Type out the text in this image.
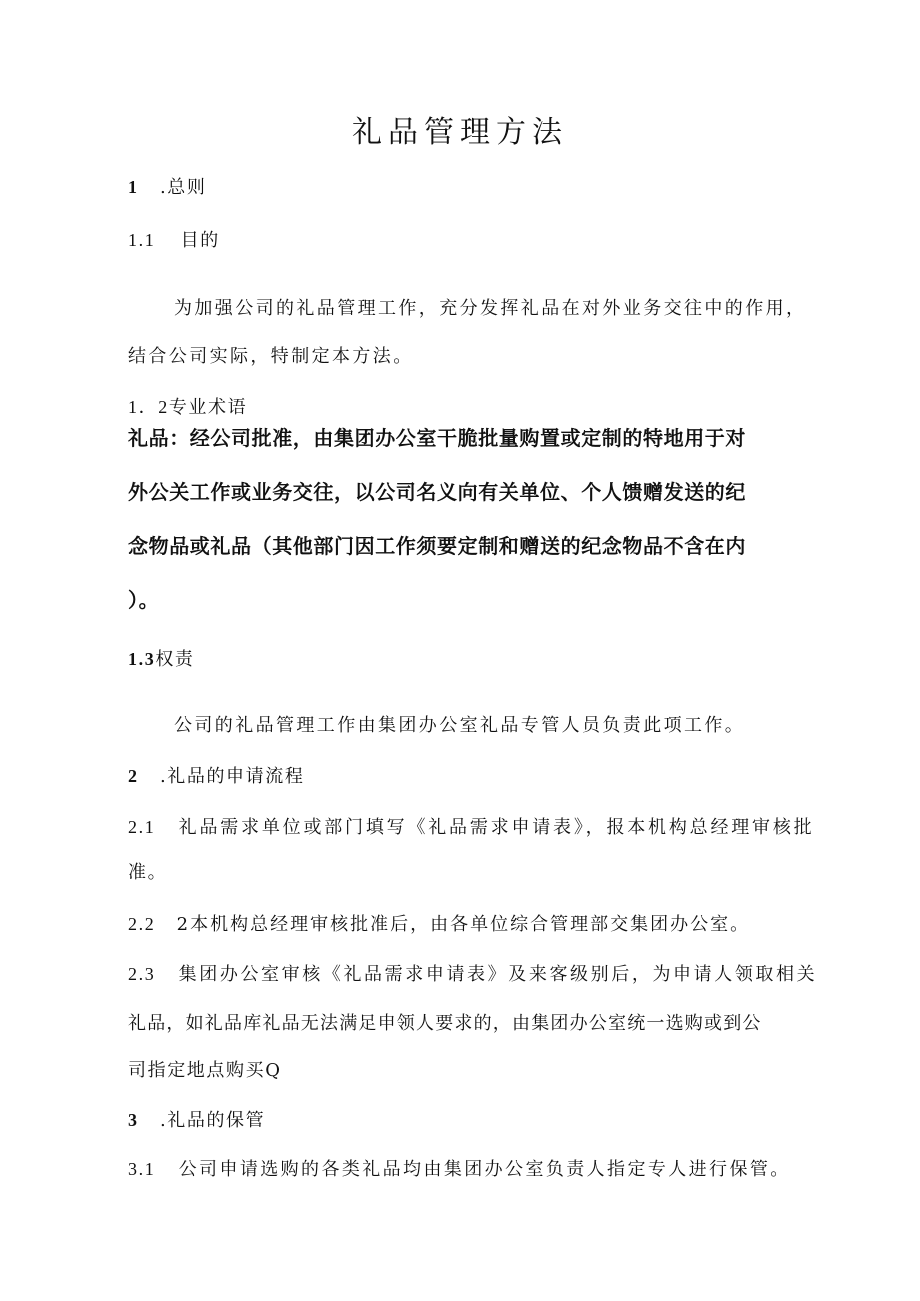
礼品管理方法
1 .总则
1.1 目的
为加强公司的礼品管理工作，充分发挥礼品在对外业务交往中的作用，
结合公司实际，特制定本方法。
1．2专业术语
礼品：经公司批准，由集团办公室干脆批量购置或定制的特地用于对
外公关工作或业务交往，以公司名义向有关单位、个人馈赠发送的纪
念物品或礼品（其他部门因工作须要定制和赠送的纪念物品不含在内
）。
1.3权责
公司的礼品管理工作由集团办公室礼品专管人员负责此项工作。
2 .礼品的申请流程
2.1 礼品需求单位或部门填写《礼品需求申请表》，报本机构总经理审核批
准。
2.2 2本机构总经理审核批准后，由各单位综合管理部交集团办公室。
2.3 集团办公室审核《礼品需求申请表》及来客级别后，为申请人领取相关
礼品，如礼品库礼品无法满足申领人要求的，由集团办公室统一选购或到公
司指定地点购买Q
3 .礼品的保管
3.1 公司申请选购的各类礼品均由集团办公室负责人指定专人进行保管。
